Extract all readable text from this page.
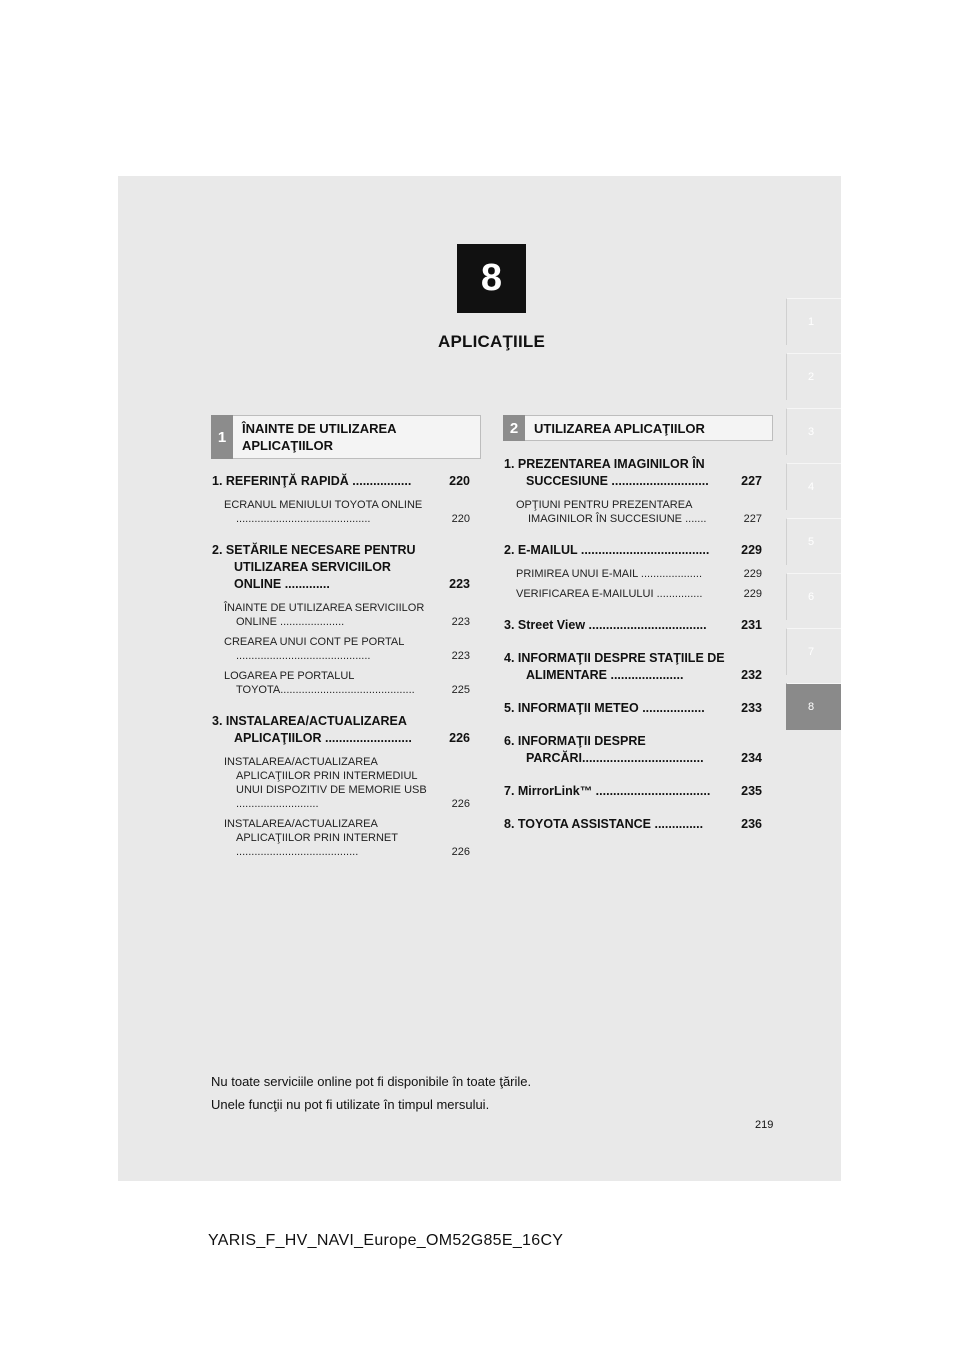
8
APLICAŢIILE
1
2
3
4
5
6
7
8
1	ÎNAINTE DE UTILIZAREA APLICAŢIILOR
2	UTILIZAREA APLICAŢIILOR
1. REFERINŢĂ RAPIDĂ .................	220
ECRANUL MENIULUI TOYOTA ONLINE ............................................	220
2. SETĂRILE NECESARE PENTRU UTILIZAREA SERVICIILOR ONLINE .............	223
ÎNAINTE DE UTILIZAREA SERVICIILOR ONLINE .....................	223
CREAREA UNUI CONT PE PORTAL ............................................	223
LOGAREA PE PORTALUL TOYOTA............................................	225
3. INSTALAREA/ACTUALIZAREA APLICAŢIILOR .........................	226
INSTALAREA/ACTUALIZAREA APLICAŢIILOR PRIN INTERMEDIUL UNUI DISPOZITIV DE MEMORIE USB ...........................	226
INSTALAREA/ACTUALIZAREA APLICAŢIILOR PRIN INTERNET ........................................	226
1. PREZENTAREA IMAGINILOR ÎN SUCCESIUNE ............................	227
OPŢIUNI PENTRU PREZENTAREA IMAGINILOR ÎN SUCCESIUNE .......	227
2. E-MAILUL .....................................	229
PRIMIREA UNUI E-MAIL ....................	229
VERIFICAREA E-MAILULUI ...............	229
3. Street View ..................................	231
4. INFORMAŢII DESPRE STAŢIILE DE ALIMENTARE .....................	232
5. INFORMAŢII METEO ..................	233
6. INFORMAŢII DESPRE PARCĂRI...................................	234
7. MirrorLink™ .................................	235
8. TOYOTA ASSISTANCE ..............	236
Nu toate serviciile online pot fi disponibile în toate ţările.
Unele funcţii nu pot fi utilizate în timpul mersului.
219
YARIS_F_HV_NAVI_Europe_OM52G85E_16CY
